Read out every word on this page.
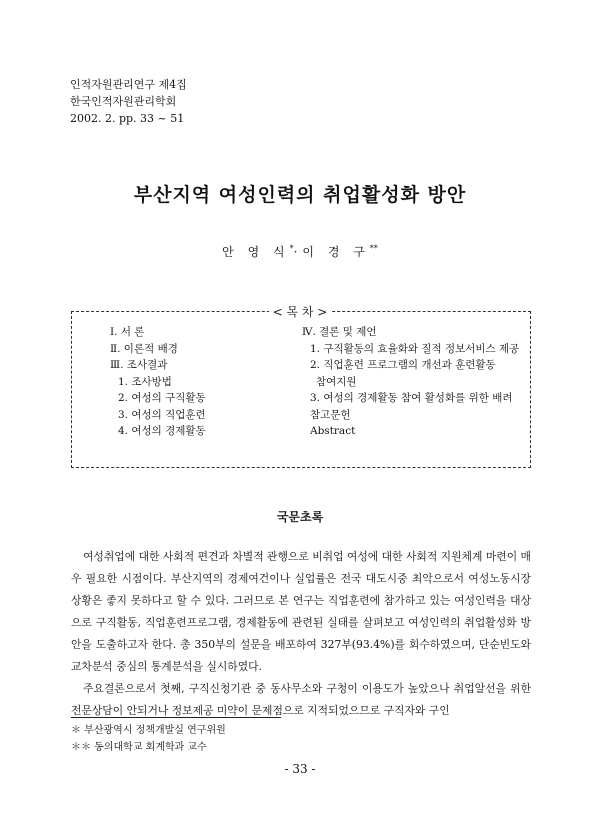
인적자원관리연구 제4집
한국인적자원관리학회
2002. 2. pp. 33 ~ 51
부산지역 여성인력의 취업활성화 방안
안 영 식*·이 경 구**
Ⅰ. 서 론
Ⅱ. 이론적 배경
Ⅲ. 조사결과
1. 조사방법
2. 여성의 구직활동
3. 여성의 직업훈련
4. 여성의 경제활동
Ⅳ. 결론 및 제언
1. 구직활동의 효율화와 질적 정보서비스 제공
2. 직업훈련 프로그램의 개선과 훈련활동
참여지원
3. 여성의 경제활동 참여 활성화를 위한 배려
참고문헌
Abstract
< 목 차 >
국문초록

여성취업에 대한 사회적 편견과 차별적 관행으로 비취업 여성에 대한 사회적 지원체계 마련이 매우 필요한 시점이다. 부산지역의 경제여건이나 실업률은 전국 대도시중 최악으로서 여성노동시장 상황은 좋지 못하다고 할 수 있다. 그러므로 본 연구는 직업훈련에 참가하고 있는 여성인력을 대상으로 구직활동, 직업훈련프로그램, 경제활동에 관련된 실태를 살펴보고 여성인력의 취업활성화 방안을 도출하고자 한다. 총 350부의 설문을 배포하여 327부(93.4%)를 회수하였으며, 단순빈도와 교차분석 중심의 통계분석을 실시하였다.

주요결론으로서 첫째, 구직신청기관 중 동사무소와 구청이 이용도가 높았으나 취업알선을 위한 전문상담이 안되거나 정보제공 미약이 문제점으로 지적되었으므로 구직자와 구인

＊ 부산광역시 정책개발실 연구위원
＊＊ 동의대학교 회계학과 교수
- 33 -
